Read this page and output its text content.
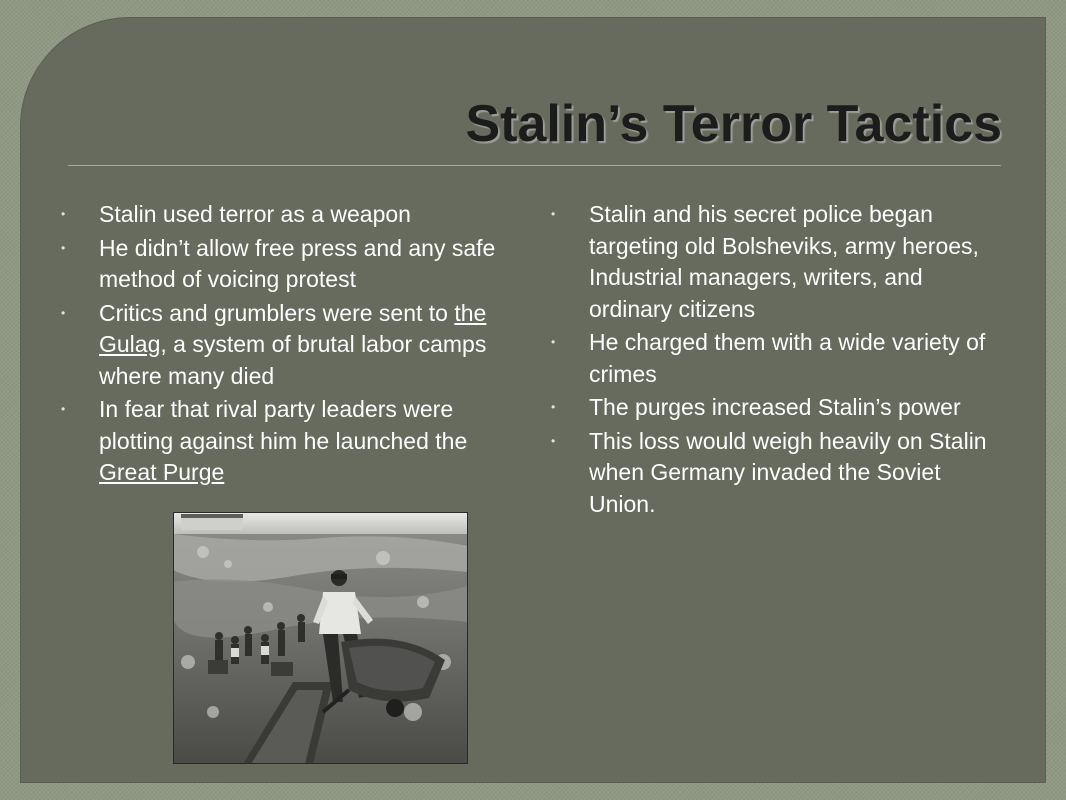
Stalin’s Terror Tactics
• Stalin used terror as a weapon
• He didn’t allow free press and any safe method of voicing protest
• Critics and grumblers were sent to the Gulag, a system of brutal labor camps where many died
• In fear that rival party leaders were plotting against him he launched the Great Purge
• Stalin and his secret police began targeting old Bolsheviks, army heroes, Industrial managers, writers, and ordinary citizens
• He charged them with a wide variety of crimes
• The purges increased Stalin’s power
• This loss would weigh heavily on Stalin when Germany invaded the Soviet Union.
